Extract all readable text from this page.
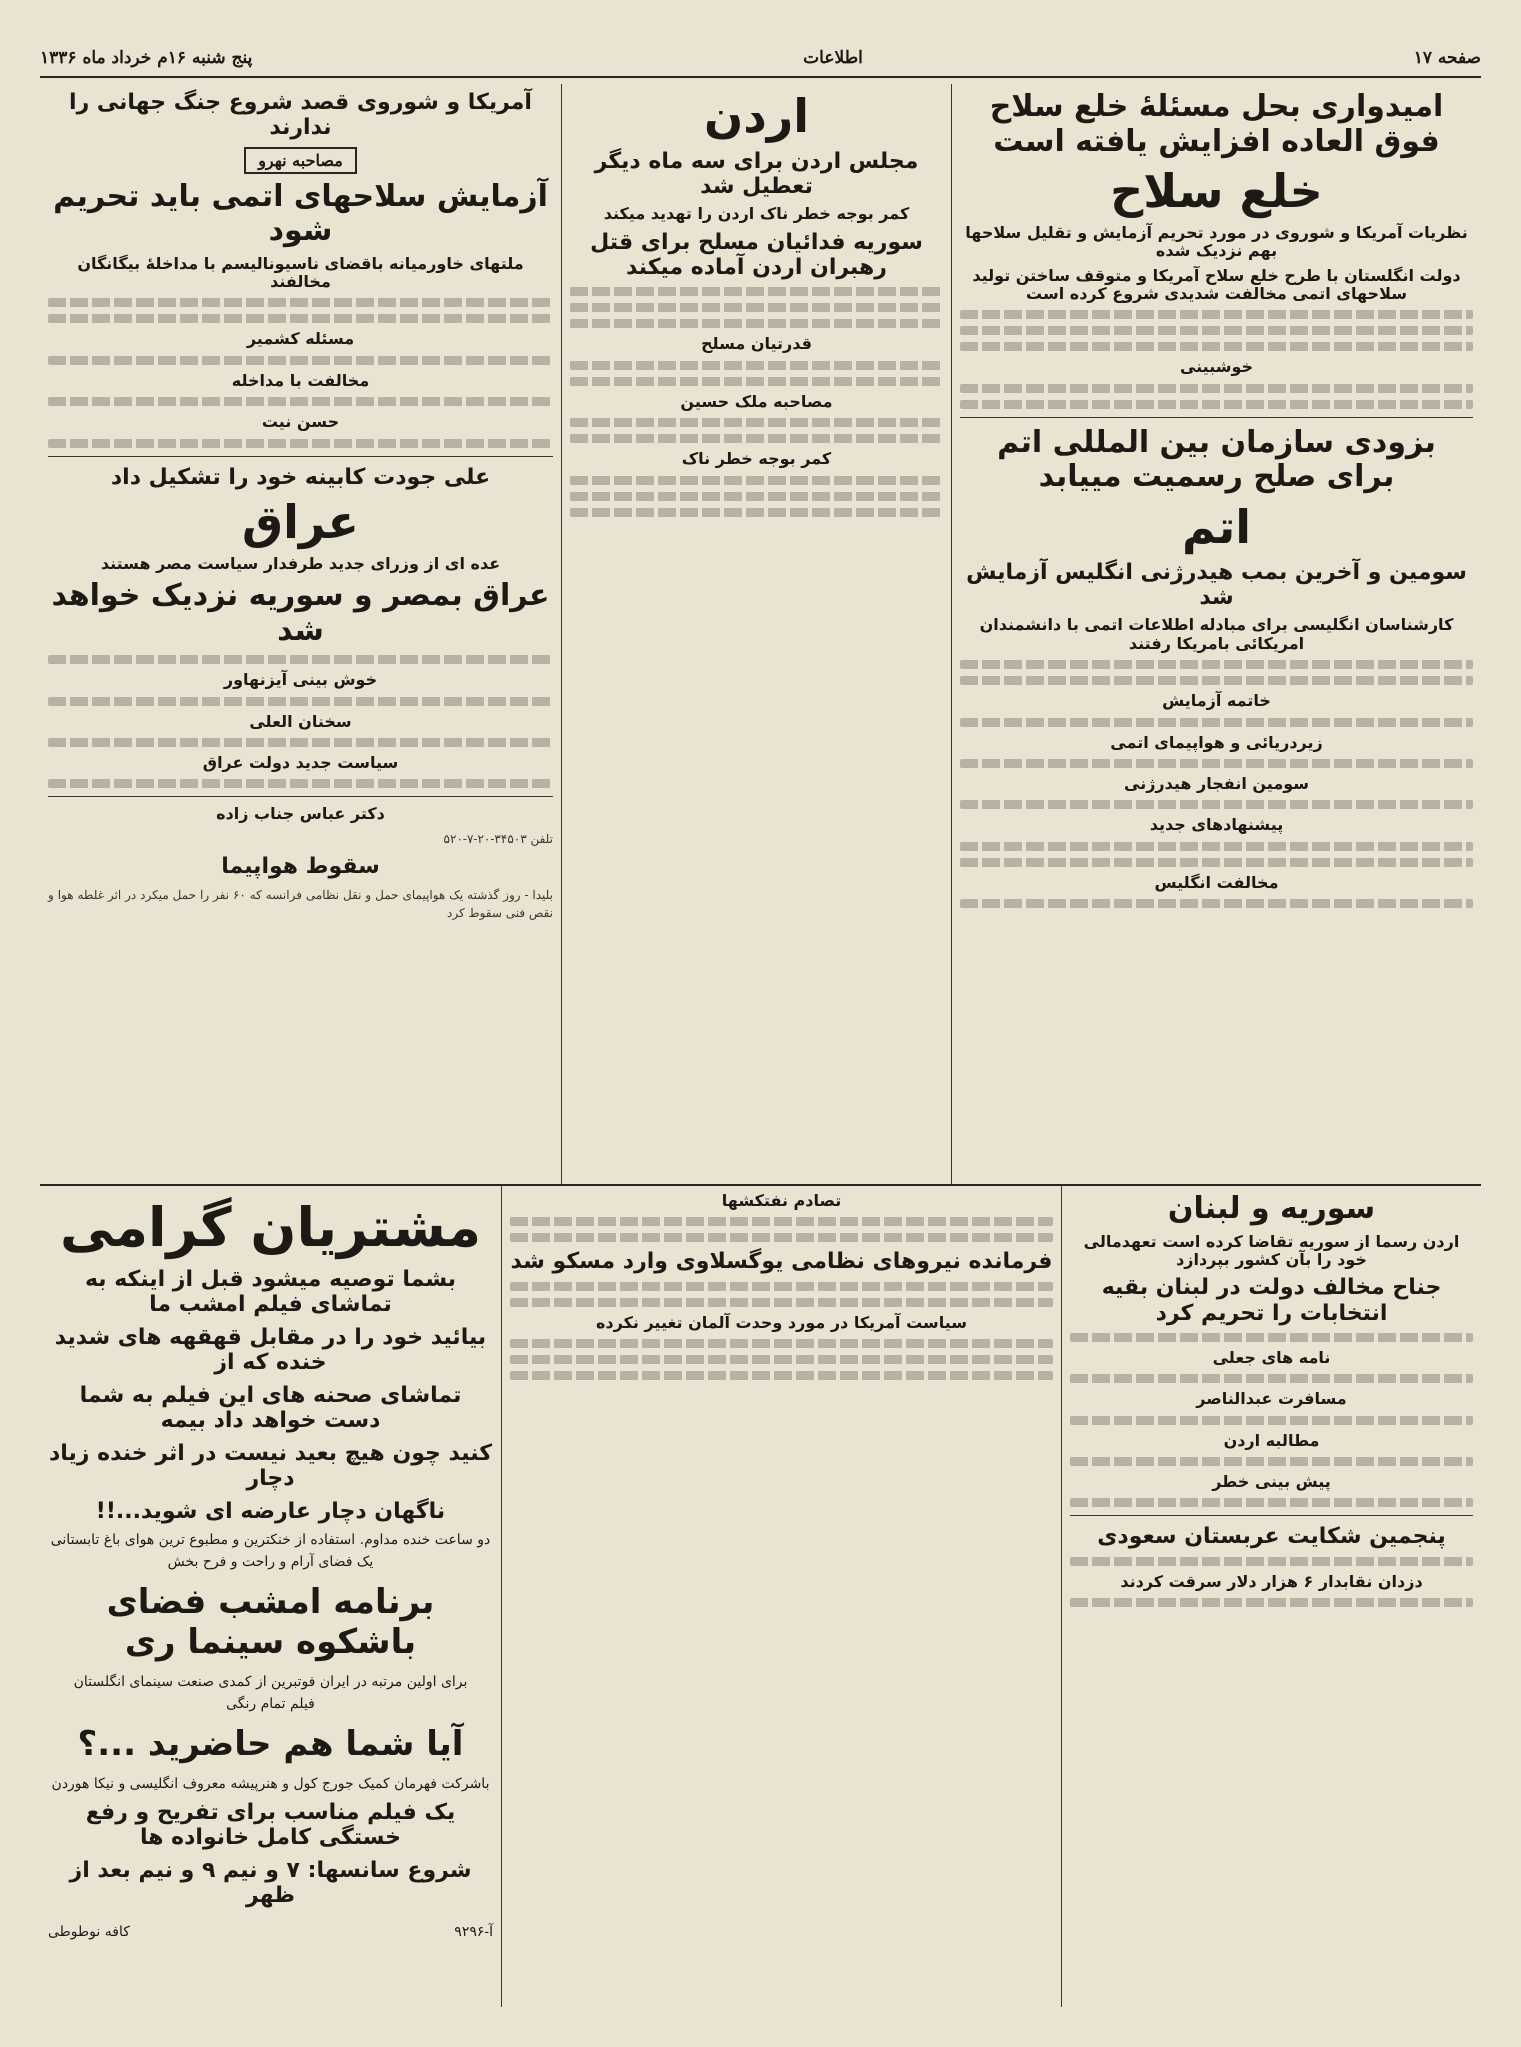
صفحه ۱۷
اطلاعات
پنج شنبه ۱۶م خرداد ماه ۱۳۳۶
امیدواری بحل مسئلهٔ خلع سلاح فوق العاده افزایش یافته است
خلع سلاح
نظریات آمریکا و شوروی در مورد تحریم آزمایش و تقلیل سلاحها بهم نزدیک شده
دولت انگلستان با طرح خلع سلاح آمریکا و متوقف ساختن تولید سلاحهای اتمی مخالفت شدیدی شروع کرده است
خوشبینی
بزودی سازمان بین المللی اتم برای صلح رسمیت مییابد
اتم
سومین و آخرین بمب هیدرژنی انگلیس آزمایش شد
کارشناسان انگلیسی برای مبادله اطلاعات اتمی با دانشمندان امریکائی بامریکا رفتند
خاتمه آزمایش
زیردریائی و هواپیمای اتمی
سومین انفجار هیدرژنی
پیشنهادهای جدید
مخالفت انگلیس
اردن
مجلس اردن برای سه ماه دیگر تعطیل شد
کمر بوجه خطر ناک اردن را تهدید میکند
سوریه فدائیان مسلح برای قتل رهبران اردن آماده میکند
قدرتیان مسلح
مصاحبه ملک حسین
کمر بوجه خطر ناک
آمریکا و شوروی قصد شروع جنگ جهانی را ندارند
مصاحبه نهرو
آزمایش سلاحهای اتمی باید تحریم شود
ملتهای خاورمیانه باقضای ناسیونالیسم با مداخلهٔ بیگانگان مخالفند
مسئله کشمیر
مخالفت با مداخله
حسن نیت
علی جودت کابینه خود را تشکیل داد
عراق
عده ای از وزرای جدید طرفدار سیاست مصر هستند
عراق بمصر و سوریه نزدیک خواهد شد
خوش بینی آیزنهاور
سخنان العلی
سیاست جدید دولت عراق
دکتر عباس جناب زاده

تلفن ۳۴۵۰۳-۲۰-۷-۵۲۰

سقوط هواپیما

بلیدا - روز گذشته یک هواپیمای حمل و نقل نظامی فرانسه که ۶۰ نفر را حمل میکرد در اثر غلطه هوا و نقص فنی سقوط کرد

سوریه و لبنان
اردن رسما از سوریه تقاضا کرده است تعهدمالی خود را بآن کشور بپردازد
جناح مخالف دولت در لبنان بقیه انتخابات را تحریم کرد
نامه های جعلی
مسافرت عبدالناصر
مطالبه اردن
پیش بینی خطر
پنجمین شکایت عربستان سعودی
دزدان نقابدار ۶ هزار دلار سرقت کردند
تصادم نفتکشها
فرمانده نیروهای نظامی یوگسلاوی وارد مسکو شد
سیاست آمریکا در مورد وحدت آلمان تغییر نکرده
مشتریان گرامی
بشما توصیه میشود قبل از اینکه به تماشای فیلم امشب ما
بیائید خود را در مقابل قهقهه های شدید خنده که از
تماشای صحنه های این فیلم به شما دست خواهد داد بیمه
کنید چون هیچ بعید نیست در اثر خنده زیاد دچار
ناگهان دچار عارضه ای شوید...!!
دو ساعت خنده مداوم. استفاده از خنکترین و مطبوع ترین هوای باغ تابستانی
یک فضای آرام و راحت و فرح بخش
برنامه امشب فضای باشکوه سینما ری
برای اولین مرتبه در ایران فوتبرین از کمدی صنعت سینمای انگلستان
فیلم تمام رنگی
آیا شما هم حاضرید ...؟
باشرکت فهرمان کمیک جورج کول و هنرپیشه معروف انگلیسی و نیکا هوردن
یک فیلم مناسب برای تفریح و رفع خستگی کامل خانواده ها
شروع سانسها: ۷ و نیم ۹ و نیم بعد از ظهر
آ-۹۲۹۶
کافه نوطوطی
